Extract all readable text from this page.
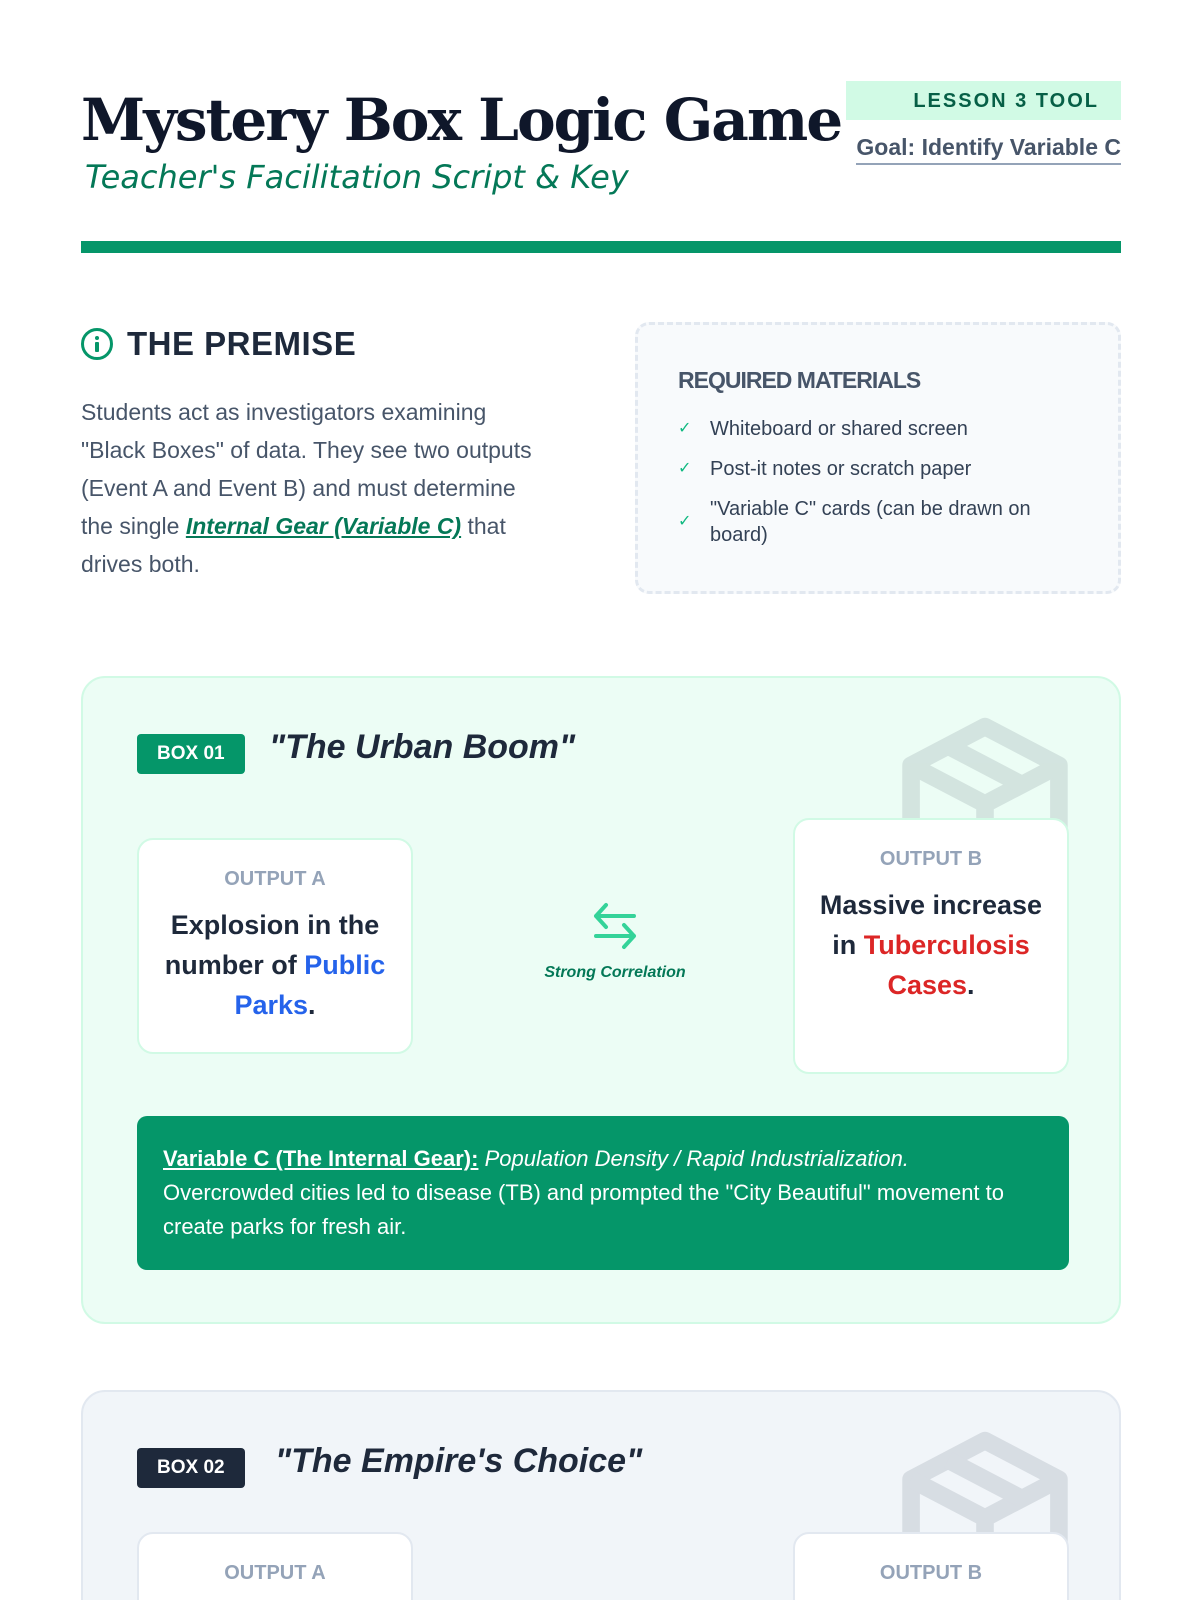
Mystery Box Logic Game
Teacher's Facilitation Script & Key
LESSON 3 TOOL
Goal: Identify Variable C
THE PREMISE

Students act as investigators examining "Black Boxes" of data. They see two outputs (Event A and Event B) and must determine the single Internal Gear (Variable C) that drives both.

REQUIRED MATERIALS
✓ Whiteboard or shared screen
✓ Post-it notes or scratch paper
✓
"Variable C" cards (can be drawn on board)
BOX 01	"The Urban Boom"
OUTPUT A
Explosion in the number of Public Parks.
Strong Correlation
OUTPUT B
Massive increase in Tuberculosis Cases.
Variable C (The Internal Gear): Population Density / Rapid Industrialization.
Overcrowded cities led to disease (TB) and prompted the "City Beautiful" movement to create parks for fresh air.
BOX 02	"The Empire's Choice"
OUTPUT A	OUTPUT B
